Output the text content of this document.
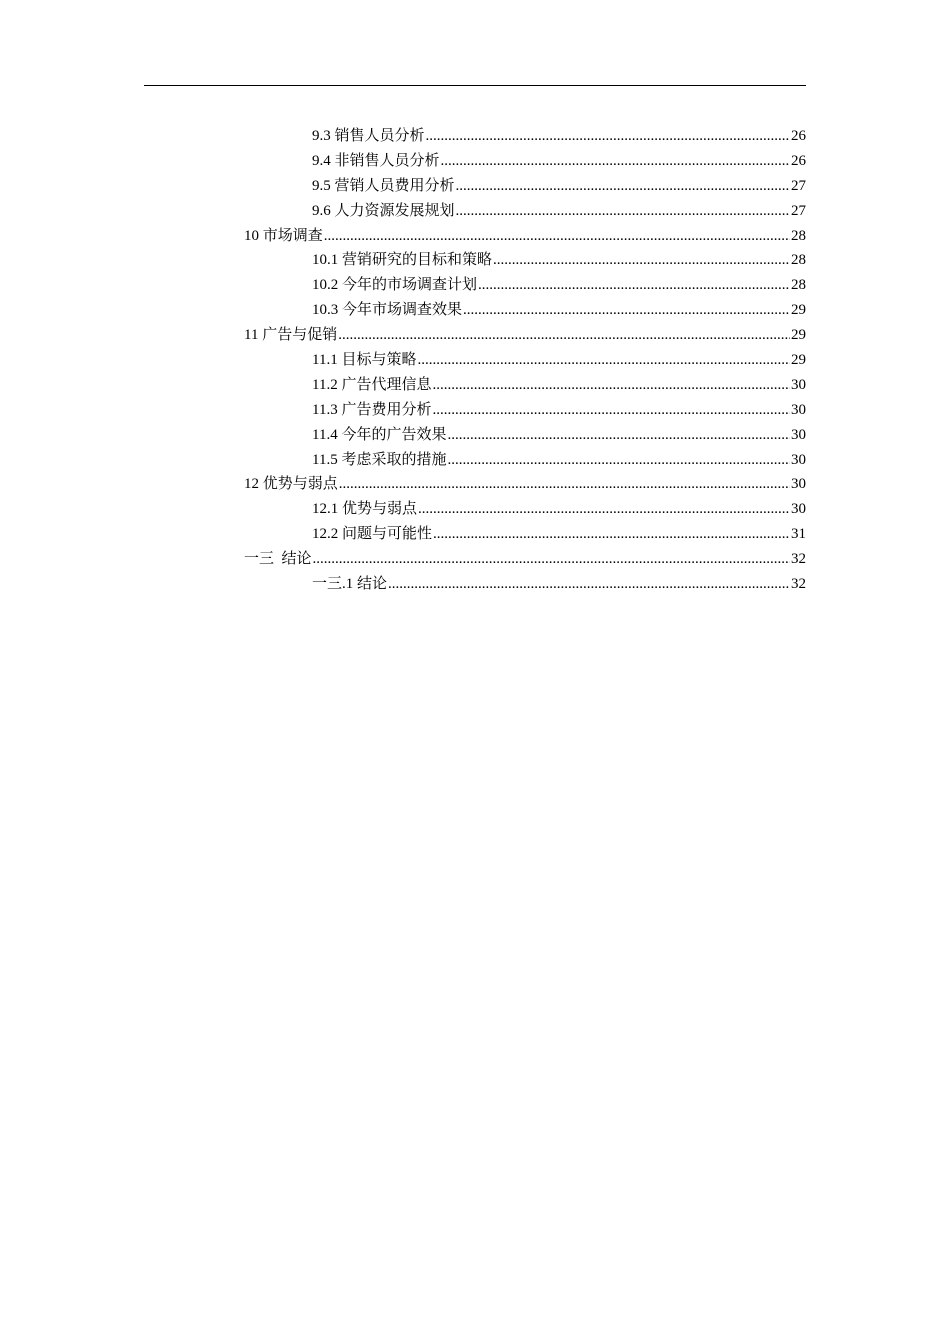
9.3 销售人员分析 .....	26
9.4 非销售人员分析 .....	26
9.5 营销人员费用分析 .....	27
9.6 人力资源发展规划 .....	27
10 市场调查 .....	28
10.1 营销研究的目标和策略 .....	28
10.2 今年的市场调查计划 .....	28
10.3 今年市场调查效果 .....	29
11 广告与促销 .....	29
11.1 目标与策略 .....	29
11.2 广告代理信息 .....	30
11.3 广告费用分析 .....	30
11.4 今年的广告效果 .....	30
11.5 考虑采取的措施 .....	30
12 优势与弱点 .....	30
12.1 优势与弱点 .....	30
12.2 问题与可能性 .....	31
一三  结论 .....	32
一三.1 结论 .....	32
